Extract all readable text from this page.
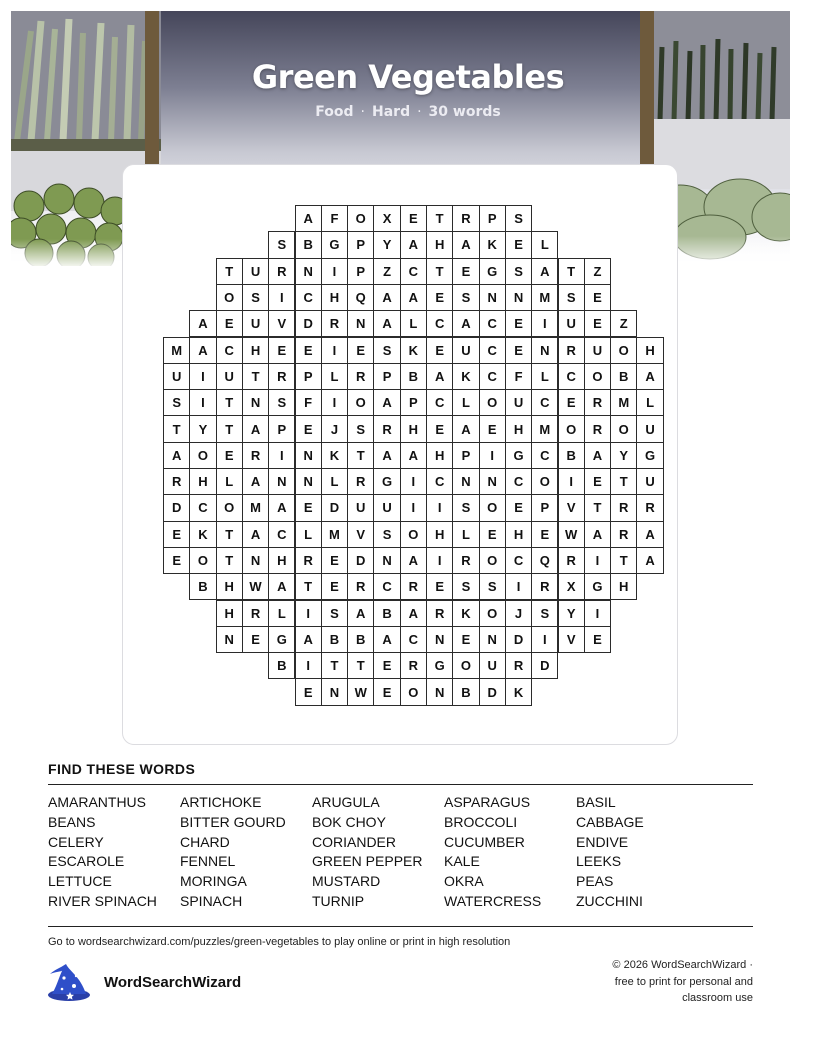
Green Vegetables
Food · Hard · 30 words
A	F	O	X	E	T	R	P	S
S	B	G	P	Y	A	H	A	K	E	L
T	U	R	N	I	P	Z	C	T	E	G	S	A	T	Z
O	S	I	C	H	Q	A	A	E	S	N	N	M	S	E
A	E	U	V	D	R	N	A	L	C	A	C	E	I	U	E	Z
M	A	C	H	E	E	I	E	S	K	E	U	C	E	N	R	U	O	H
U	I	U	T	R	P	L	R	P	B	A	K	C	F	L	C	O	B	A
S	I	T	N	S	F	I	O	A	P	C	L	O	U	C	E	R	M	L
T	Y	T	A	P	E	J	S	R	H	E	A	E	H	M	O	R	O	U
A	O	E	R	I	N	K	T	A	A	H	P	I	G	C	B	A	Y	G
R	H	L	A	N	N	L	R	G	I	C	N	N	C	O	I	E	T	U
D	C	O	M	A	E	D	U	U	I	I	S	O	E	P	V	T	R	R
E	K	T	A	C	L	M	V	S	O	H	L	E	H	E	W	A	R	A
E	O	T	N	H	R	E	D	N	A	I	R	O	C	Q	R	I	T	A
B	H	W	A	T	E	R	C	R	E	S	S	I	R	X	G	H
H	R	L	I	S	A	B	A	R	K	O	J	S	Y	I
N	E	G	A	B	B	A	C	N	E	N	D	I	V	E
B	I	T	T	E	R	G	O	U	R	D
E	N	W	E	O	N	B	D	K
FIND THESE WORDS
AMARANTHUS	ARTICHOKE	ARUGULA	ASPARAGUS	BASIL
BEANS	BITTER GOURD	BOK CHOY	BROCCOLI	CABBAGE
CELERY	CHARD	CORIANDER	CUCUMBER	ENDIVE
ESCAROLE	FENNEL	GREEN PEPPER	KALE	LEEKS
LETTUCE	MORINGA	MUSTARD	OKRA	PEAS
RIVER SPINACH	SPINACH	TURNIP	WATERCRESS	ZUCCHINI
Go to wordsearchwizard.com/puzzles/green-vegetables to play online or print in high resolution
WordSearchWizard
© 2026 WordSearchWizard ·
free to print for personal and
classroom use
